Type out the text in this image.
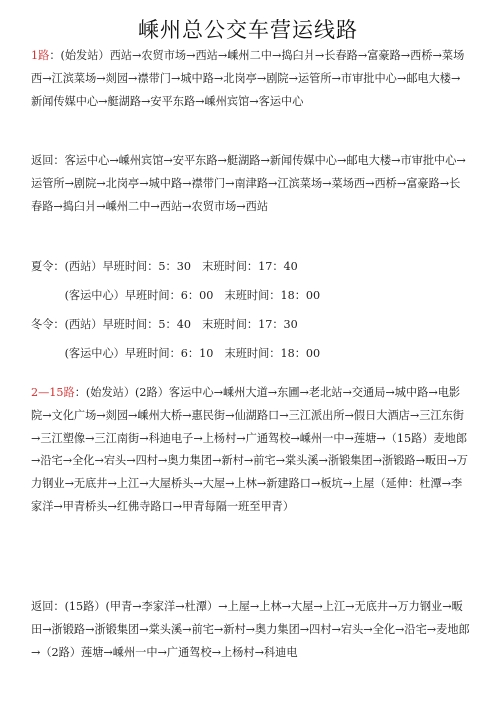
嵊州总公交车营运线路
1路：(始发站）西站→农贸市场→西站→嵊州二中→捣臼爿→长春路→富豪路→西桥→菜场西→江滨菜场→剡园→襟带门→城中路→北岗亭→剧院→运管所→市审批中心→邮电大楼→新闻传媒中心→艇湖路→安平东路→嵊州宾馆→客运中心
返回：客运中心→嵊州宾馆→安平东路→艇湖路→新闻传媒中心→邮电大楼→市审批中心→运管所→剧院→北岗亭→城中路→襟带门→南津路→江滨菜场→菜场西→西桥→富豪路→长春路→捣臼爿→嵊州二中→西站→农贸市场→西站
夏令：(西站）早班时间：5：30　末班时间：17：40
　　　(客运中心）早班时间：6：00　末班时间：18：00
冬令：(西站）早班时间：5：40　末班时间：17：30
　　　(客运中心）早班时间：6：10　末班时间：18：00
2—15路：(始发站）(2路）客运中心→嵊州大道→东圃→老北站→交通局→城中路→电影院→文化广场→剡园→嵊州大桥→惠民街→仙湖路口→三江派出所→假日大酒店→三江东街→三江塑像→三江南街→科迪电子→上杨村→广通驾校→嵊州一中→莲塘→（15路）麦地郎→沿宅→全化→宕头→四村→奥力集团→新村→前宅→棠头溪→浙锻集团→浙锻路→畈田→万力钢业→无底井→上江→大屋桥头→大屋→上林→新建路口→板坑→上屋（延伸：杜潭→李家洋→甲青桥头→红佛寺路口→甲青每隔一班至甲青）
返回：(15路）(甲青→李家洋→杜潭）→上屋→上林→大屋→上江→无底井→万力钢业→畈田→浙锻路→浙锻集团→棠头溪→前宅→新村→奥力集团→四村→宕头→全化→沿宅→麦地郎→（2路）莲塘→嵊州一中→广通驾校→上杨村→科迪电
